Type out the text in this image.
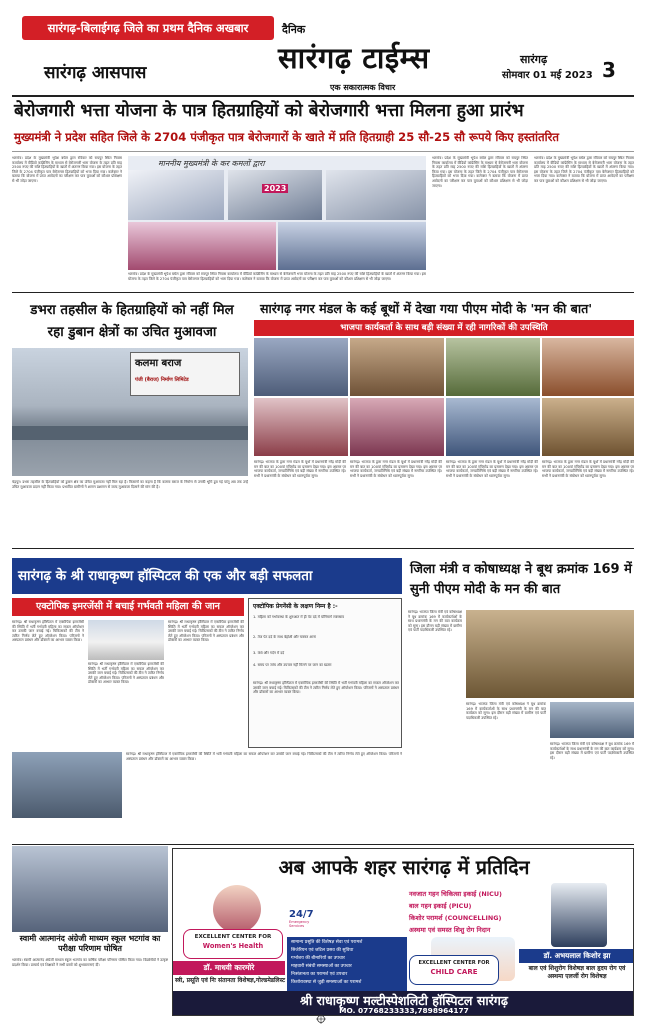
सारंगढ़-बिलाईगढ़ जिले का प्रथम दैनिक अखबार
सारंगढ़ आसपास
दैनिक
सारंगढ़ टाईम्स
एक सकारात्मक विचार
सारंगढ़
सोमवार 01 मई 2023 3
बेरोजगारी भत्ता योजना के पात्र हितग्राहियों को बेरोजगारी भत्ता मिलना हुआ प्रारंभ
मुख्यमंत्री ने प्रदेश सहित जिले के 2704 पंजीकृत पात्र बेरोजगारों के खाते में प्रति हितग्राही 25 सौ-25 सौ रूपये किए हस्तांतरित
भटगांव। प्रदेश के मुख्यमंत्री भूपेश बघेल द्वारा रविवार को रायपुर स्थित निवास कार्यालय में वीडियो कांफ्रेंसिंग के माध्यम से बेरोजगारी भत्ता योजना के तहत प्रति माह 2500 रुपए की राशि हितग्राहियों के खातों में अंतरण किया गया। इस योजना के तहत जिले के 2704 पंजीकृत पात्र बेरोजगार हितग्राहियों को भत्ता दिया गया। कलेक्टर ने बताया कि योजना में प्राप्त आवेदनों का परीक्षण कर पात्र युवाओं को कौशल प्रशिक्षण से भी जोड़ा जाएगा।
माननीय मुख्यमंत्री के कर कमलों द्वारा
2023
भटगांव। प्रदेश के मुख्यमंत्री भूपेश बघेल द्वारा रविवार को रायपुर स्थित निवास कार्यालय में वीडियो कांफ्रेंसिंग के माध्यम से बेरोजगारी भत्ता योजना के तहत प्रति माह 2500 रुपए की राशि हितग्राहियों के खातों में अंतरण किया गया। इस योजना के तहत जिले के 2704 पंजीकृत पात्र बेरोजगार हितग्राहियों को भत्ता दिया गया। कलेक्टर ने बताया कि योजना में प्राप्त आवेदनों का परीक्षण कर पात्र युवाओं को कौशल प्रशिक्षण से भी जोड़ा जाएगा।
भटगांव। प्रदेश के मुख्यमंत्री भूपेश बघेल द्वारा रविवार को रायपुर स्थित निवास कार्यालय में वीडियो कांफ्रेंसिंग के माध्यम से बेरोजगारी भत्ता योजना के तहत प्रति माह 2500 रुपए की राशि हितग्राहियों के खातों में अंतरण किया गया। इस योजना के तहत जिले के 2704 पंजीकृत पात्र बेरोजगार हितग्राहियों को भत्ता दिया गया। कलेक्टर ने बताया कि योजना में प्राप्त आवेदनों का परीक्षण कर पात्र युवाओं को कौशल प्रशिक्षण से भी जोड़ा जाएगा।
भटगांव। प्रदेश के मुख्यमंत्री भूपेश बघेल द्वारा रविवार को रायपुर स्थित निवास कार्यालय में वीडियो कांफ्रेंसिंग के माध्यम से बेरोजगारी भत्ता योजना के तहत प्रति माह 2500 रुपए की राशि हितग्राहियों के खातों में अंतरण किया गया। इस योजना के तहत जिले के 2704 पंजीकृत पात्र बेरोजगार हितग्राहियों को भत्ता दिया गया। कलेक्टर ने बताया कि योजना में प्राप्त आवेदनों का परीक्षण कर पात्र युवाओं को कौशल प्रशिक्षण से भी जोड़ा जाएगा।
डभरा तहसील के हितग्राहियों को नहीं मिल रहा डुबान क्षेत्रों का उचित मुआवजा
कलमा बराज
पंजी (बैराज) निर्माण लिमिटेड
चंद्रपुर। डभरा तहसील के हितग्राहियों को डुबान क्षेत्र का उचित मुआवजा नहीं मिल रहा है। किसानों का कहना है कि कलमा बराज के निर्माण से उनकी भूमि डूब गई परंतु अब तक उन्हें उचित मुआवजा प्रदान नहीं किया गया। प्रभावित ग्रामीणों ने शासन प्रशासन से जल्द मुआवजा दिलाने की मांग की है।
सारंगढ़ नगर मंडल के कई बूथों में देखा गया पीएम मोदी के 'मन की बात'
भाजपा कार्यकर्ता के साथ बड़ी संख्या में रही नागरिकों की उपस्थिति
सारंगढ़। भाजपा के द्वारा नगर मंडल के बूथों में प्रधानमंत्री नरेंद्र मोदी की मन की बात का 100वां एपिसोड का प्रसारण देखा गया। इस अवसर पर भाजपा कार्यकर्ता, जनप्रतिनिधि एवं बड़ी संख्या में नागरिक उपस्थित रहे। सभी ने प्रधानमंत्री के संबोधन को ध्यानपूर्वक सुना।
सारंगढ़। भाजपा के द्वारा नगर मंडल के बूथों में प्रधानमंत्री नरेंद्र मोदी की मन की बात का 100वां एपिसोड का प्रसारण देखा गया। इस अवसर पर भाजपा कार्यकर्ता, जनप्रतिनिधि एवं बड़ी संख्या में नागरिक उपस्थित रहे। सभी ने प्रधानमंत्री के संबोधन को ध्यानपूर्वक सुना।
सारंगढ़। भाजपा के द्वारा नगर मंडल के बूथों में प्रधानमंत्री नरेंद्र मोदी की मन की बात का 100वां एपिसोड का प्रसारण देखा गया। इस अवसर पर भाजपा कार्यकर्ता, जनप्रतिनिधि एवं बड़ी संख्या में नागरिक उपस्थित रहे। सभी ने प्रधानमंत्री के संबोधन को ध्यानपूर्वक सुना।
सारंगढ़। भाजपा के द्वारा नगर मंडल के बूथों में प्रधानमंत्री नरेंद्र मोदी की मन की बात का 100वां एपिसोड का प्रसारण देखा गया। इस अवसर पर भाजपा कार्यकर्ता, जनप्रतिनिधि एवं बड़ी संख्या में नागरिक उपस्थित रहे। सभी ने प्रधानमंत्री के संबोधन को ध्यानपूर्वक सुना।
सारंगढ़ के श्री राधाकृष्ण हॉस्पिटल की एक और बड़ी सफलता
एक्टोपिक इमरजेंसी में बचाई गर्भवती महिला की जान	एक्टोपिक प्रेगनेंसी के लक्षण निम्न है :-
1. महिला को गर्भावस्था के शुरुआत में ही पेट दर्द में योनिमार्ग रक्तस्राव
2. तेज पेट दर्द के साथ बेहोशी और चक्कर आना
3. कंधे और गर्दन में दर्द
4. समय पर जांच और उपचार नहीं मिलने पर जान का खतरा
सारंगढ़। श्री राधाकृष्ण हॉस्पिटल में एक्टोपिक इमरजेंसी की स्थिति में भर्ती गर्भवती महिला का सफल ऑपरेशन कर उसकी जान बचाई गई। चिकित्सकों की टीम ने त्वरित निर्णय लेते हुए ऑपरेशन किया। परिजनों ने अस्पताल प्रबंधन और डॉक्टरों का आभार व्यक्त किया।
सारंगढ़। श्री राधाकृष्ण हॉस्पिटल में एक्टोपिक इमरजेंसी की स्थिति में भर्ती गर्भवती महिला का सफल ऑपरेशन कर उसकी जान बचाई गई। चिकित्सकों की टीम ने त्वरित निर्णय लेते हुए ऑपरेशन किया। परिजनों ने अस्पताल प्रबंधन और डॉक्टरों का आभार व्यक्त किया।
सारंगढ़। श्री राधाकृष्ण हॉस्पिटल में एक्टोपिक इमरजेंसी की स्थिति में भर्ती गर्भवती महिला का सफल ऑपरेशन कर उसकी जान बचाई गई। चिकित्सकों की टीम ने त्वरित निर्णय लेते हुए ऑपरेशन किया। परिजनों ने अस्पताल प्रबंधन और डॉक्टरों का आभार व्यक्त किया।
सारंगढ़। श्री राधाकृष्ण हॉस्पिटल में एक्टोपिक इमरजेंसी की स्थिति में भर्ती गर्भवती महिला का सफल ऑपरेशन कर उसकी जान बचाई गई। चिकित्सकों की टीम ने त्वरित निर्णय लेते हुए ऑपरेशन किया। परिजनों ने अस्पताल प्रबंधन और डॉक्टरों का आभार व्यक्त किया।
सारंगढ़। श्री राधाकृष्ण हॉस्पिटल में एक्टोपिक इमरजेंसी की स्थिति में भर्ती गर्भवती महिला का सफल ऑपरेशन कर उसकी जान बचाई गई। चिकित्सकों की टीम ने त्वरित निर्णय लेते हुए ऑपरेशन किया। परिजनों ने अस्पताल प्रबंधन और डॉक्टरों का आभार व्यक्त किया।
जिला मंत्री व कोषाध्यक्ष ने बूथ क्रमांक 169 में सुनी पीएम मोदी के मन की बात
सारंगढ़। भाजपा जिला मंत्री एवं कोषाध्यक्ष ने बूथ क्रमांक 169 में कार्यकर्ताओं के साथ प्रधानमंत्री के मन की बात कार्यक्रम को सुना। इस दौरान बड़ी संख्या में ग्रामीण एवं पार्टी पदाधिकारी उपस्थित रहे।
सारंगढ़। भाजपा जिला मंत्री एवं कोषाध्यक्ष ने बूथ क्रमांक 169 में कार्यकर्ताओं के साथ प्रधानमंत्री के मन की बात कार्यक्रम को सुना। इस दौरान बड़ी संख्या में ग्रामीण एवं पार्टी पदाधिकारी उपस्थित रहे।
सारंगढ़। भाजपा जिला मंत्री एवं कोषाध्यक्ष ने बूथ क्रमांक 169 में कार्यकर्ताओं के साथ प्रधानमंत्री के मन की बात कार्यक्रम को सुना। इस दौरान बड़ी संख्या में ग्रामीण एवं पार्टी पदाधिकारी उपस्थित रहे।
स्वामी आत्मानंद अंग्रेजी माध्यम स्कूल भटगांव का परीक्षा परिणाम घोषित
भटगांव। स्वामी आत्मानंद अंग्रेजी माध्यम स्कूल भटगांव का वार्षिक परीक्षा परिणाम घोषित किया गया। विद्यार्थियों ने उत्कृष्ट प्रदर्शन किया। प्राचार्य एवं शिक्षकों ने सभी छात्रों को शुभकामनाएं दीं।
अब आपके शहर सारंगढ़ में प्रतिदिन
EXCELLENT CENTER FOR
Women's Health
डॉ. माधवी कारमोरे
स्त्री, प्रसूति एवं निः संतानता विशेषज्ञ,गोल्डमेडलिस्ट
24/7
Emergency Services
सामान्य प्रसूति की विशेषज्ञ सेवा एवं परामर्श
सिजेरियन एवं जटिल प्रसव की सुविधा
गर्भाशय की बीमारियों का उपचार
माहवारी संबंधी समस्याओं का उपचार
निःसंतानता का परामर्श एवं उपचार
किशोरावस्था से जुड़ी समस्याओं का परामर्श
नवजात गहन चिकित्सा इकाई (NICU)
बाल गहन इकाई (PICU)
किशोर परामर्श (COUNCELLING)
अस्थमा एवं समस्त शिशु रोग निदान
EXCELLENT CENTER FOR
CHILD CARE
डॉ. अभयलाल किशोर झा
बाल एवं शिशुरोग विशेषज्ञ बाल हृदय रोग एवं अस्थमा एलर्जी रोग विशेषज्ञ
श्री राधाकृष्ण मल्टीस्पेशलिटी हॉस्पिटल सारंगढ़
MO. 07768233333,7898964177
